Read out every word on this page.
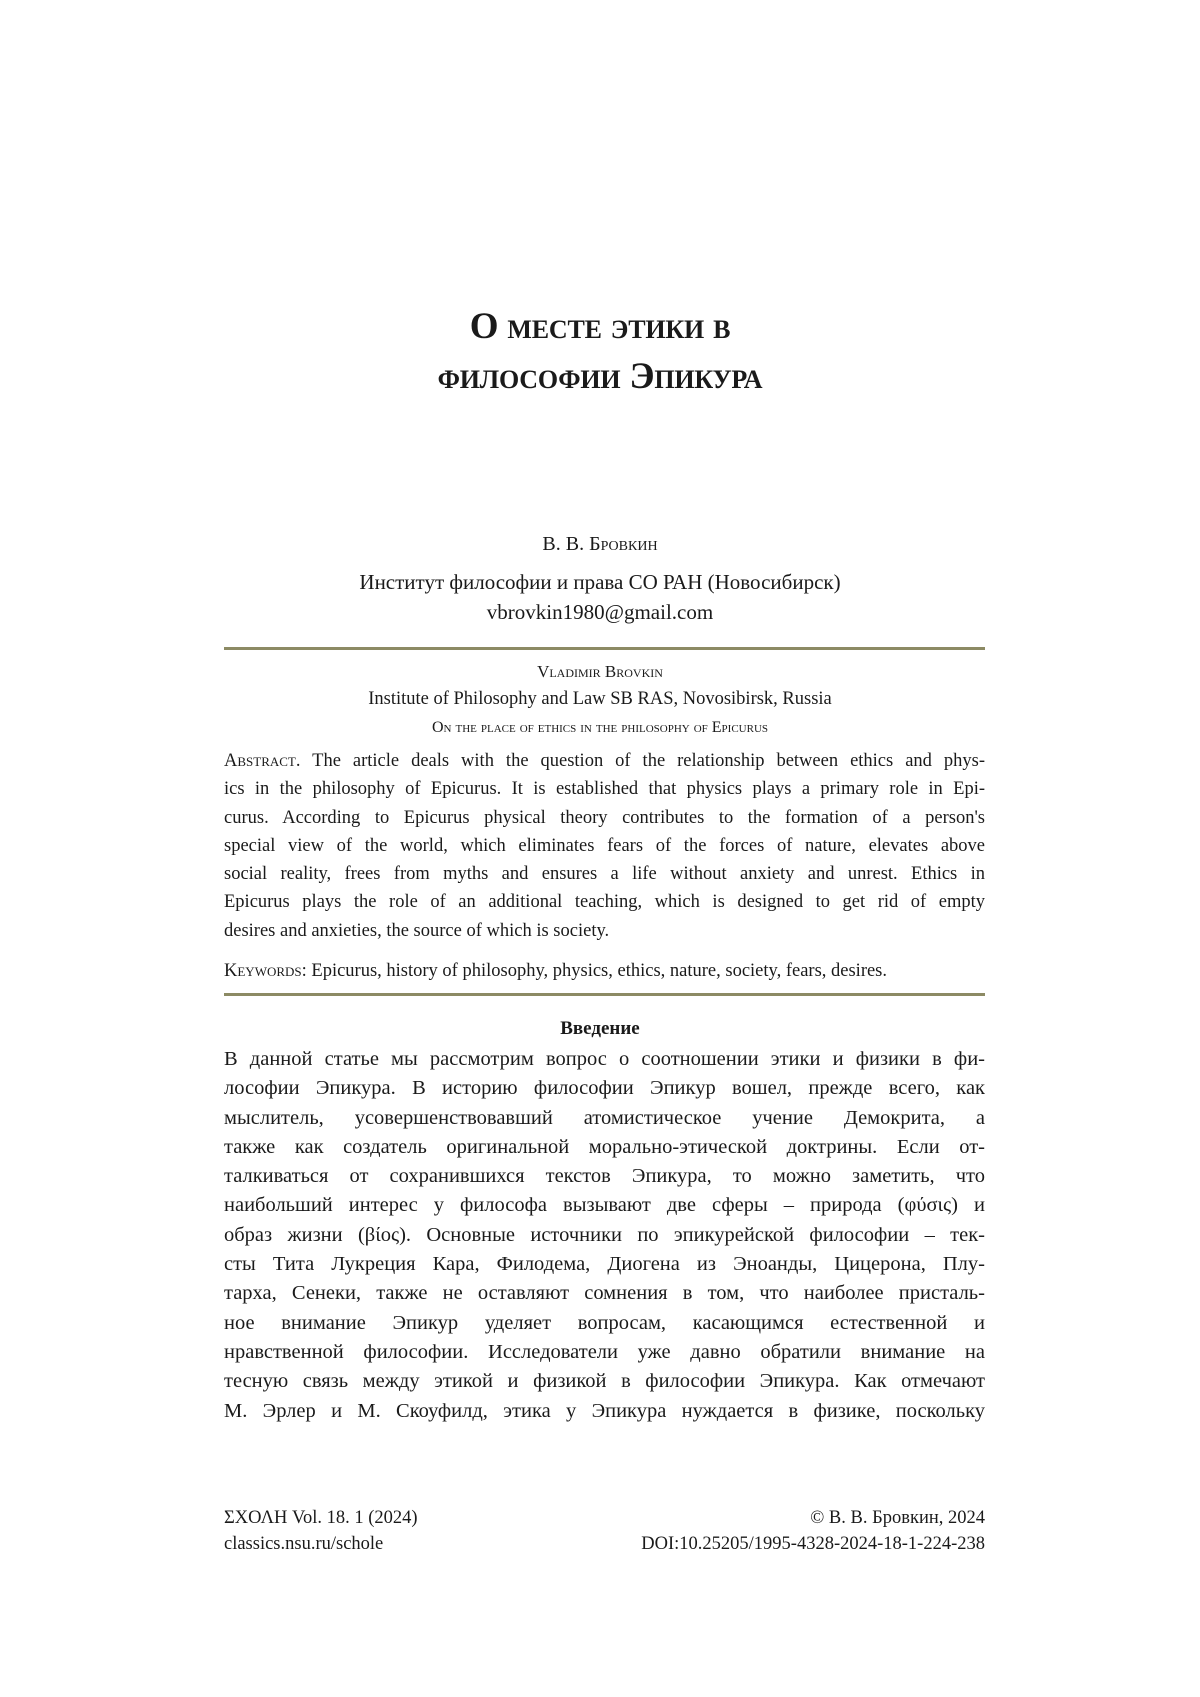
О месте этики в
философии Эпикура
В. В. Бровкин
Институт философии и права СО РАН (Новосибирск)
vbrovkin1980@gmail.com
Vladimir Brovkin
Institute of Philosophy and Law SB RAS, Novosibirsk, Russia
On the place of ethics in the philosophy of Epicurus
Abstract. The article deals with the question of the relationship between ethics and phys-
ics in the philosophy of Epicurus. It is established that physics plays a primary role in Epi-
curus. According to Epicurus physical theory contributes to the formation of a person's
special view of the world, which eliminates fears of the forces of nature, elevates above
social reality, frees from myths and ensures a life without anxiety and unrest. Ethics in
Epicurus plays the role of an additional teaching, which is designed to get rid of empty
desires and anxieties, the source of which is society.
Keywords: Epicurus, history of philosophy, physics, ethics, nature, society, fears, desires.
Введение
В данной статье мы рассмотрим вопрос о соотношении этики и физики в фи-
лософии Эпикура. В историю философии Эпикур вошел, прежде всего, как
мыслитель, усовершенствовавший атомистическое учение Демокрита, а
также как создатель оригинальной морально-этической доктрины. Если от-
талкиваться от сохранившихся текстов Эпикура, то можно заметить, что
наибольший интерес у философа вызывают две сферы – природа (φύσις) и
образ жизни (βίος). Основные источники по эпикурейской философии – тек-
сты Тита Лукреция Кара, Филодема, Диогена из Эноанды, Цицерона, Плу-
тарха, Сенеки, также не оставляют сомнения в том, что наиболее присталь-
ное внимание Эпикур уделяет вопросам, касающимся естественной и
нравственной философии. Исследователи уже давно обратили внимание на
тесную связь между этикой и физикой в философии Эпикура. Как отмечают
М. Эрлер и М. Скоуфилд, этика у Эпикура нуждается в физике, поскольку
ΣΧΟΛΗ Vol. 18. 1 (2024)	© В. В. Бровкин, 2024
classics.nsu.ru/schole	DOI:10.25205/1995-4328-2024-18-1-224-238
